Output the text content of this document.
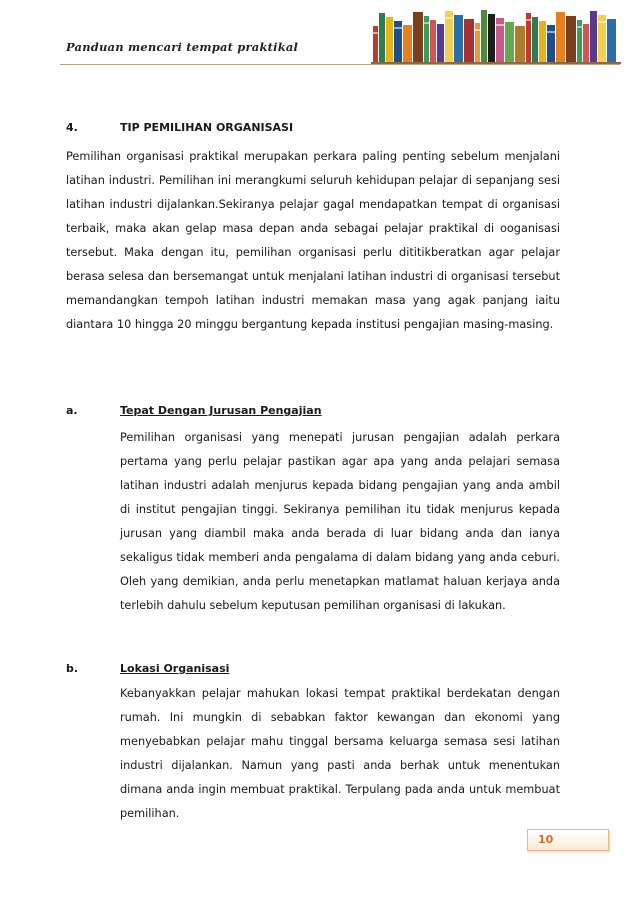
Panduan mencari tempat praktikal
4.	TIP PEMILIHAN ORGANISASI
Pemilihan organisasi praktikal merupakan perkara paling penting sebelum menjalani latihan industri. Pemilihan ini merangkumi seluruh kehidupan pelajar di sepanjang sesi latihan industri dijalankan.Sekiranya pelajar gagal mendapatkan tempat di organisasi terbaik, maka akan gelap masa depan anda sebagai pelajar praktikal di ooganisasi tersebut. Maka dengan itu, pemilihan organisasi perlu dititikberatkan agar pelajar berasa selesa dan bersemangat untuk menjalani latihan industri di organisasi tersebut memandangkan tempoh latihan industri memakan masa yang agak panjang iaitu diantara 10 hingga 20 minggu bergantung kepada institusi pengajian masing-masing.
a.	Tepat Dengan Jurusan Pengajian
Pemilihan organisasi yang menepati jurusan pengajian adalah perkara pertama yang perlu pelajar pastikan agar apa yang anda pelajari semasa latihan industri adalah menjurus kepada bidang pengajian yang anda ambil di institut pengajian tinggi. Sekiranya pemilihan itu tidak menjurus kepada jurusan yang diambil maka anda berada di luar bidang anda dan ianya sekaligus tidak memberi anda pengalama di dalam bidang yang anda ceburi. Oleh yang demikian, anda perlu menetapkan matlamat haluan kerjaya anda terlebih dahulu sebelum keputusan pemilihan organisasi di lakukan.
b.	Lokasi Organisasi
Kebanyakkan pelajar mahukan lokasi tempat praktikal berdekatan dengan rumah. Ini mungkin di sebabkan faktor kewangan dan ekonomi yang menyebabkan pelajar mahu tinggal bersama keluarga semasa sesi latihan industri dijalankan. Namun yang pasti anda berhak untuk menentukan dimana anda ingin membuat praktikal. Terpulang pada anda untuk membuat pemilihan.
10
